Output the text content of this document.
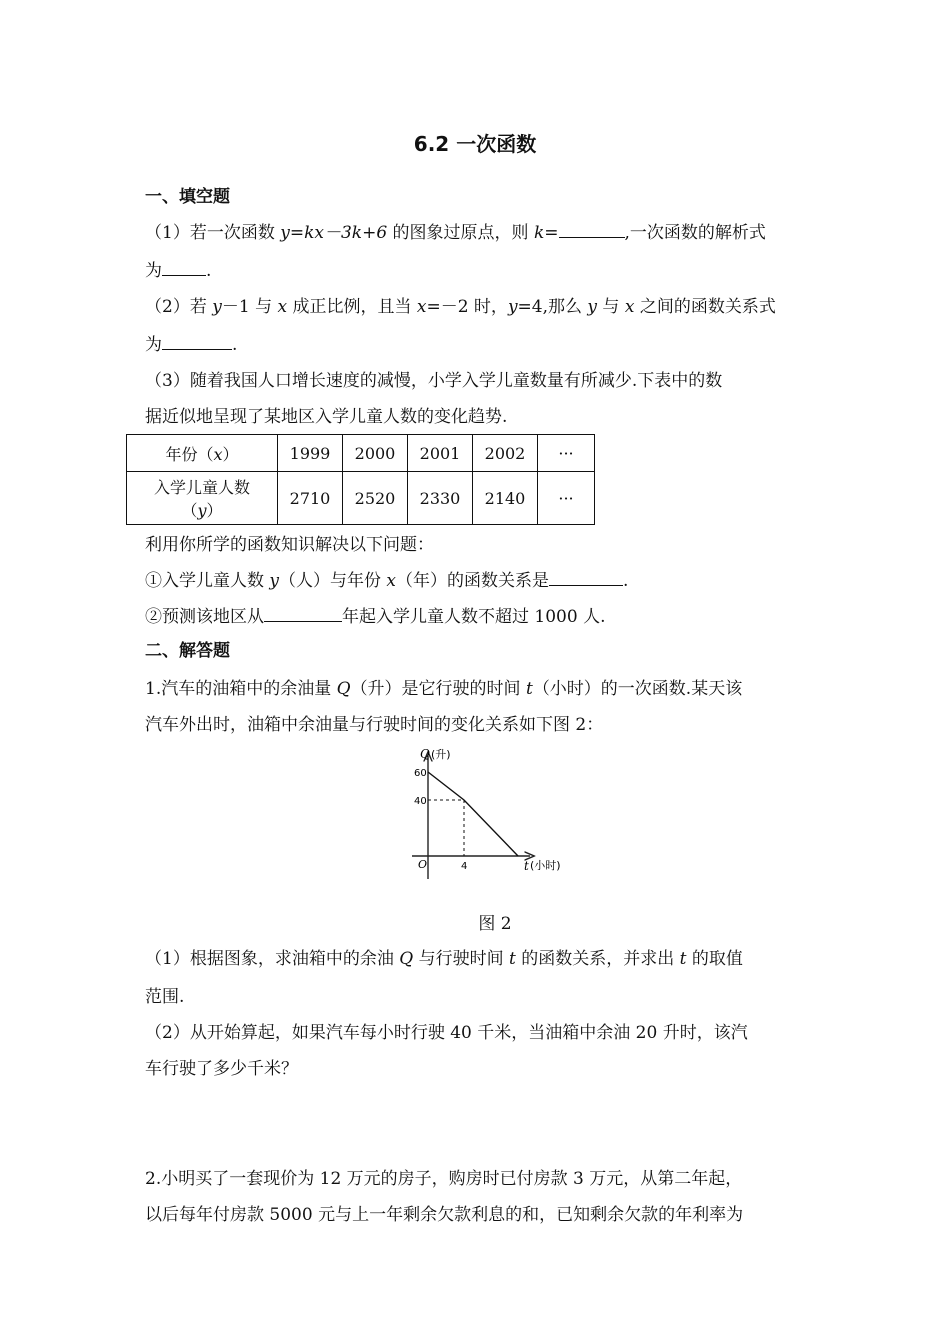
6.2 一次函数
一、填空题
（1）若一次函数 y=kx－3k+6 的图象过原点，则 k=	,一次函数的解析式
为	.
（2）若 y－1 与 x 成正比例，且当 x=－2 时，y=4,那么 y 与 x 之间的函数关系式
为	.
（3）随着我国人口增长速度的减慢，小学入学儿童数量有所减少.下表中的数
据近似地呈现了某地区入学儿童人数的变化趋势.
年份（x）	1999	2000	2001	2002	···
入学儿童人数
（y）	2710	2520	2330	2140	···
利用你所学的函数知识解决以下问题：
①入学儿童人数 y（人）与年份 x（年）的函数关系是	.
②预测该地区从	年起入学儿童人数不超过 1000 人.
二、解答题
1.汽车的油箱中的余油量 Q（升）是它行驶的时间 t（小时）的一次函数.某天该
汽车外出时，油箱中余油量与行驶时间的变化关系如下图 2：
60
40
4
Q (升)
t (小时)
O
图 2
（1）根据图象，求油箱中的余油 Q 与行驶时间 t 的函数关系，并求出 t 的取值
范围.
（2）从开始算起，如果汽车每小时行驶 40 千米，当油箱中余油 20 升时，该汽
车行驶了多少千米？
2.小明买了一套现价为 12 万元的房子，购房时已付房款 3 万元，从第二年起，
以后每年付房款 5000 元与上一年剩余欠款利息的和，已知剩余欠款的年利率为
